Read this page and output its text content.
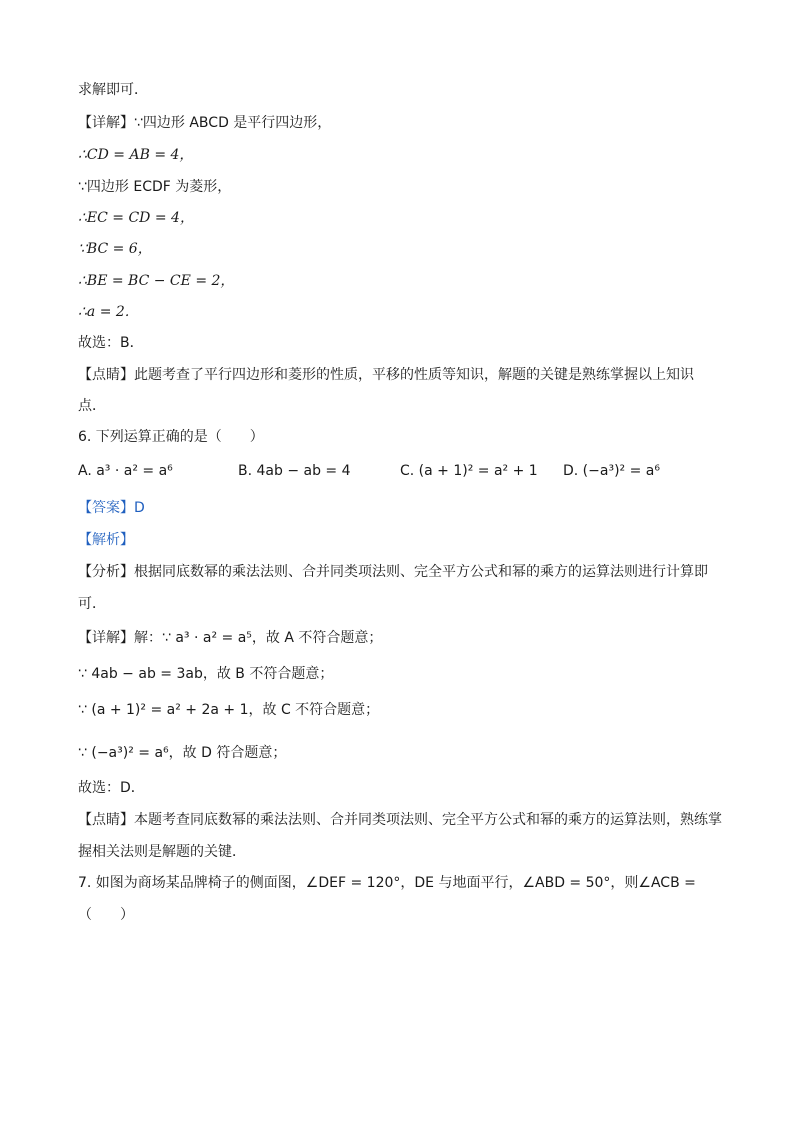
求解即可．
【详解】∵四边形 ABCD 是平行四边形，
∴CD = AB = 4，
∵四边形 ECDF 为菱形，
∴EC = CD = 4，
∵BC = 6，
∴BE = BC − CE = 2，
∴a = 2．
故选：B．
【点睛】此题考查了平行四边形和菱形的性质，平移的性质等知识，解题的关键是熟练掌握以上知识
点．
6. 下列运算正确的是（　　）
A. a³ · a² = a⁶	B. 4ab − ab = 4	C. (a + 1)² = a² + 1 D. (−a³)² = a⁶
【答案】D
【解析】
【分析】根据同底数幂的乘法法则、合并同类项法则、完全平方公式和幂的乘方的运算法则进行计算即
可．
【详解】解：∵ a³ · a² = a⁵，故 A 不符合题意；
∵ 4ab − ab = 3ab，故 B 不符合题意；
∵ (a + 1)² = a² + 2a + 1，故 C 不符合题意；
∵ (−a³)² = a⁶，故 D 符合题意；
故选：D．
【点睛】本题考查同底数幂的乘法法则、合并同类项法则、完全平方公式和幂的乘方的运算法则，熟练掌
握相关法则是解题的关键．
7. 如图为商场某品牌椅子的侧面图，∠DEF = 120°，DE 与地面平行，∠ABD = 50°，则∠ACB =
（　　）
